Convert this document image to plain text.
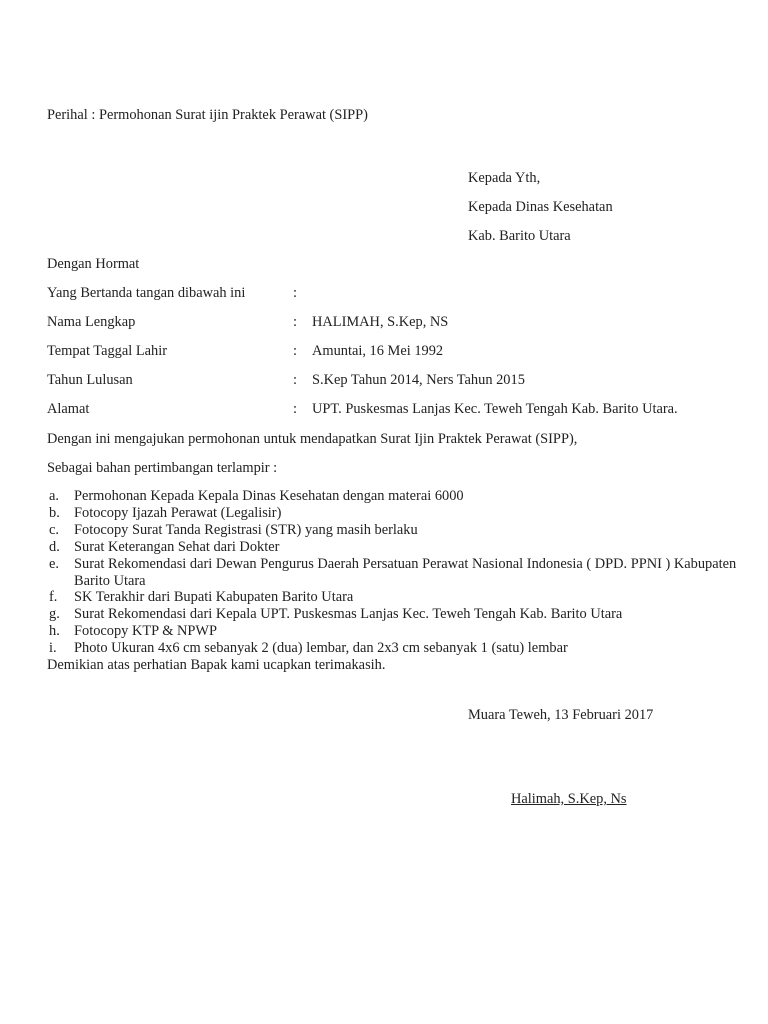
Perihal : Permohonan Surat ijin Praktek Perawat (SIPP)
Kepada Yth,
Kepada Dinas Kesehatan
Kab. Barito Utara
Dengan Hormat
Yang Bertanda tangan dibawah ini	:
Nama Lengkap	: HALIMAH, S.Kep, NS
Tempat Taggal Lahir	: Amuntai, 16 Mei 1992
Tahun Lulusan	: S.Kep Tahun 2014, Ners Tahun 2015
Alamat	: UPT. Puskesmas Lanjas Kec. Teweh Tengah Kab. Barito Utara.
Dengan ini mengajukan permohonan untuk mendapatkan Surat Ijin Praktek Perawat (SIPP),
Sebagai bahan pertimbangan terlampir :
a. Permohonan Kepada Kepala Dinas Kesehatan dengan materai 6000
b. Fotocopy Ijazah Perawat (Legalisir)
c. Fotocopy Surat Tanda Registrasi (STR) yang masih berlaku
d. Surat Keterangan Sehat dari Dokter
e. Surat Rekomendasi dari Dewan Pengurus Daerah Persatuan Perawat Nasional Indonesia ( DPD. PPNI ) Kabupaten Barito Utara
f. SK Terakhir dari Bupati Kabupaten Barito Utara
g. Surat Rekomendasi dari Kepala UPT. Puskesmas Lanjas Kec. Teweh Tengah Kab. Barito Utara
h. Fotocopy KTP & NPWP
i. Photo Ukuran 4x6 cm sebanyak 2 (dua) lembar, dan 2x3 cm sebanyak 1 (satu) lembar
Demikian atas perhatian Bapak kami ucapkan terimakasih.
Muara Teweh, 13 Februari 2017
Halimah, S.Kep, Ns
